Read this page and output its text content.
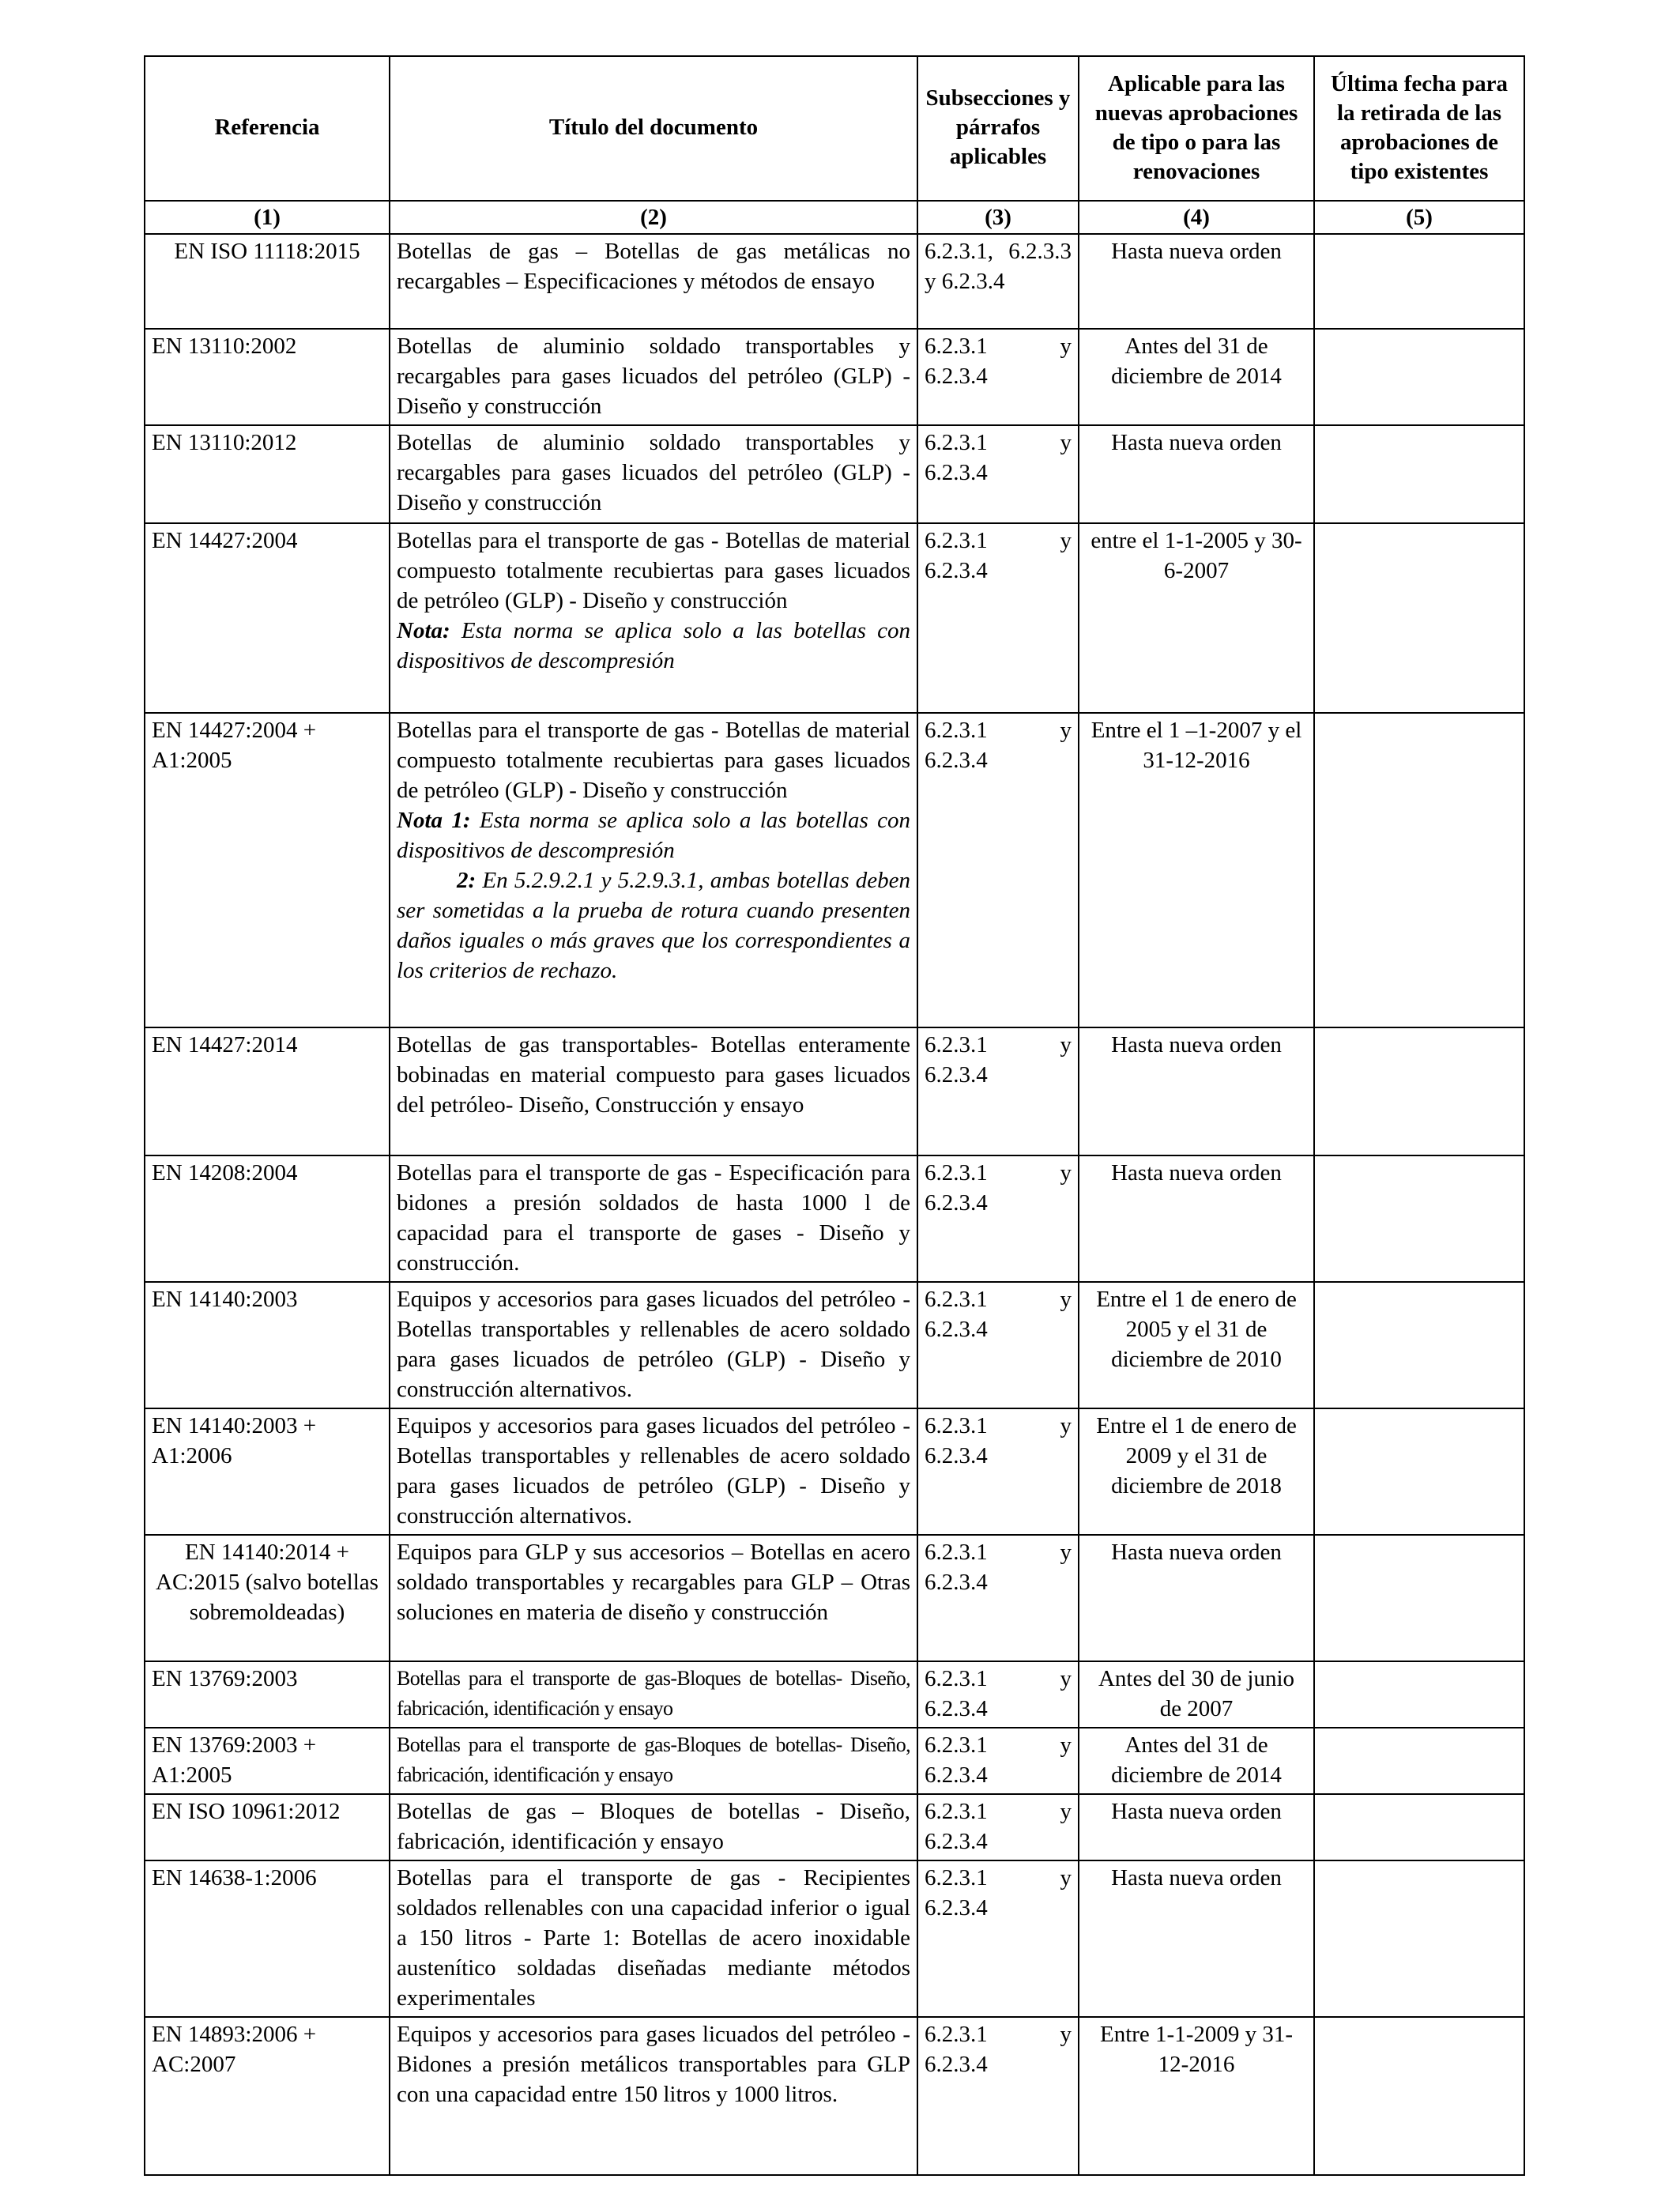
Referencia	Título del documento	Subsecciones y párrafos aplicables	Aplicable para las nuevas aprobaciones de tipo o para las renovaciones	Última fecha para la retirada de las aprobaciones de tipo existentes
(1)	(2)	(3)	(4)	(5)
EN ISO 11118:2015	Botellas de gas – Botellas de gas metálicas no recargables – Especificaciones y métodos de ensayo	6.2.3.1, 6.2.3.3 y 6.2.3.4	Hasta nueva orden	
EN 13110:2002	Botellas de aluminio soldado transportables y recargables para gases licuados del petróleo (GLP) - Diseño y construcción	6.2.3.1 y 6.2.3.4	Antes del 31 de diciembre de 2014	
EN 13110:2012	Botellas de aluminio soldado transportables y recargables para gases licuados del petróleo (GLP) - Diseño y construcción	6.2.3.1 y 6.2.3.4	Hasta nueva orden	
EN 14427:2004	Botellas para el transporte de gas - Botellas de material compuesto totalmente recubiertas para gases licuados de petróleo (GLP) - Diseño y construcción
Nota: Esta norma se aplica solo a las botellas con dispositivos de descompresión	6.2.3.1 y 6.2.3.4	entre el 1-1-2005 y 30-6-2007	
EN 14427:2004 + A1:2005	Botellas para el transporte de gas - Botellas de material compuesto totalmente recubiertas para gases licuados de petróleo (GLP) - Diseño y construcción
Nota 1: Esta norma se aplica solo a las botellas con dispositivos de descompresión
2: En 5.2.9.2.1 y 5.2.9.3.1, ambas botellas deben ser sometidas a la prueba de rotura cuando presenten daños iguales o más graves que los correspondientes a los criterios de rechazo.	6.2.3.1 y 6.2.3.4	Entre el 1 –1-2007 y el 31-12-2016	
EN 14427:2014	Botellas de gas transportables- Botellas enteramente bobinadas en material compuesto para gases licuados del petróleo- Diseño, Construcción y ensayo	6.2.3.1 y 6.2.3.4	Hasta nueva orden	
EN 14208:2004	Botellas para el transporte de gas - Especificación para bidones a presión soldados de hasta 1000 l de capacidad para el transporte de gases - Diseño y construcción.	6.2.3.1 y 6.2.3.4	Hasta nueva orden	
EN 14140:2003	Equipos y accesorios para gases licuados del petróleo - Botellas transportables y rellenables de acero soldado para gases licuados de petróleo (GLP) - Diseño y construcción alternativos.	6.2.3.1 y 6.2.3.4	Entre el 1 de enero de 2005 y el 31 de diciembre de 2010	
EN 14140:2003 + A1:2006	Equipos y accesorios para gases licuados del petróleo - Botellas transportables y rellenables de acero soldado para gases licuados de petróleo (GLP) - Diseño y construcción alternativos.	6.2.3.1 y 6.2.3.4	Entre el 1 de enero de 2009 y el 31 de diciembre de 2018	
EN 14140:2014 + AC:2015 (salvo botellas sobremoldeadas)	Equipos para GLP y sus accesorios – Botellas en acero soldado transportables y recargables para GLP – Otras soluciones en materia de diseño y construcción	6.2.3.1 y 6.2.3.4	Hasta nueva orden	
EN 13769:2003	Botellas para el transporte de gas-Bloques de botellas- Diseño, fabricación, identificación y ensayo	6.2.3.1 y 6.2.3.4	Antes del 30 de junio de 2007	
EN 13769:2003 + A1:2005	Botellas para el transporte de gas-Bloques de botellas- Diseño, fabricación, identificación y ensayo	6.2.3.1 y 6.2.3.4	Antes del 31 de diciembre de 2014	
EN ISO 10961:2012	Botellas de gas – Bloques de botellas - Diseño, fabricación, identificación y ensayo	6.2.3.1 y 6.2.3.4	Hasta nueva orden	
EN 14638-1:2006	Botellas para el transporte de gas - Recipientes soldados rellenables con una capacidad inferior o igual a 150 litros - Parte 1: Botellas de acero inoxidable austenítico soldadas diseñadas mediante métodos experimentales	6.2.3.1 y 6.2.3.4	Hasta nueva orden	
EN 14893:2006 + AC:2007	Equipos y accesorios para gases licuados del petróleo - Bidones a presión metálicos transportables para GLP con una capacidad entre 150 litros y 1000 litros.	6.2.3.1 y 6.2.3.4	Entre 1-1-2009 y 31-12-2016	
